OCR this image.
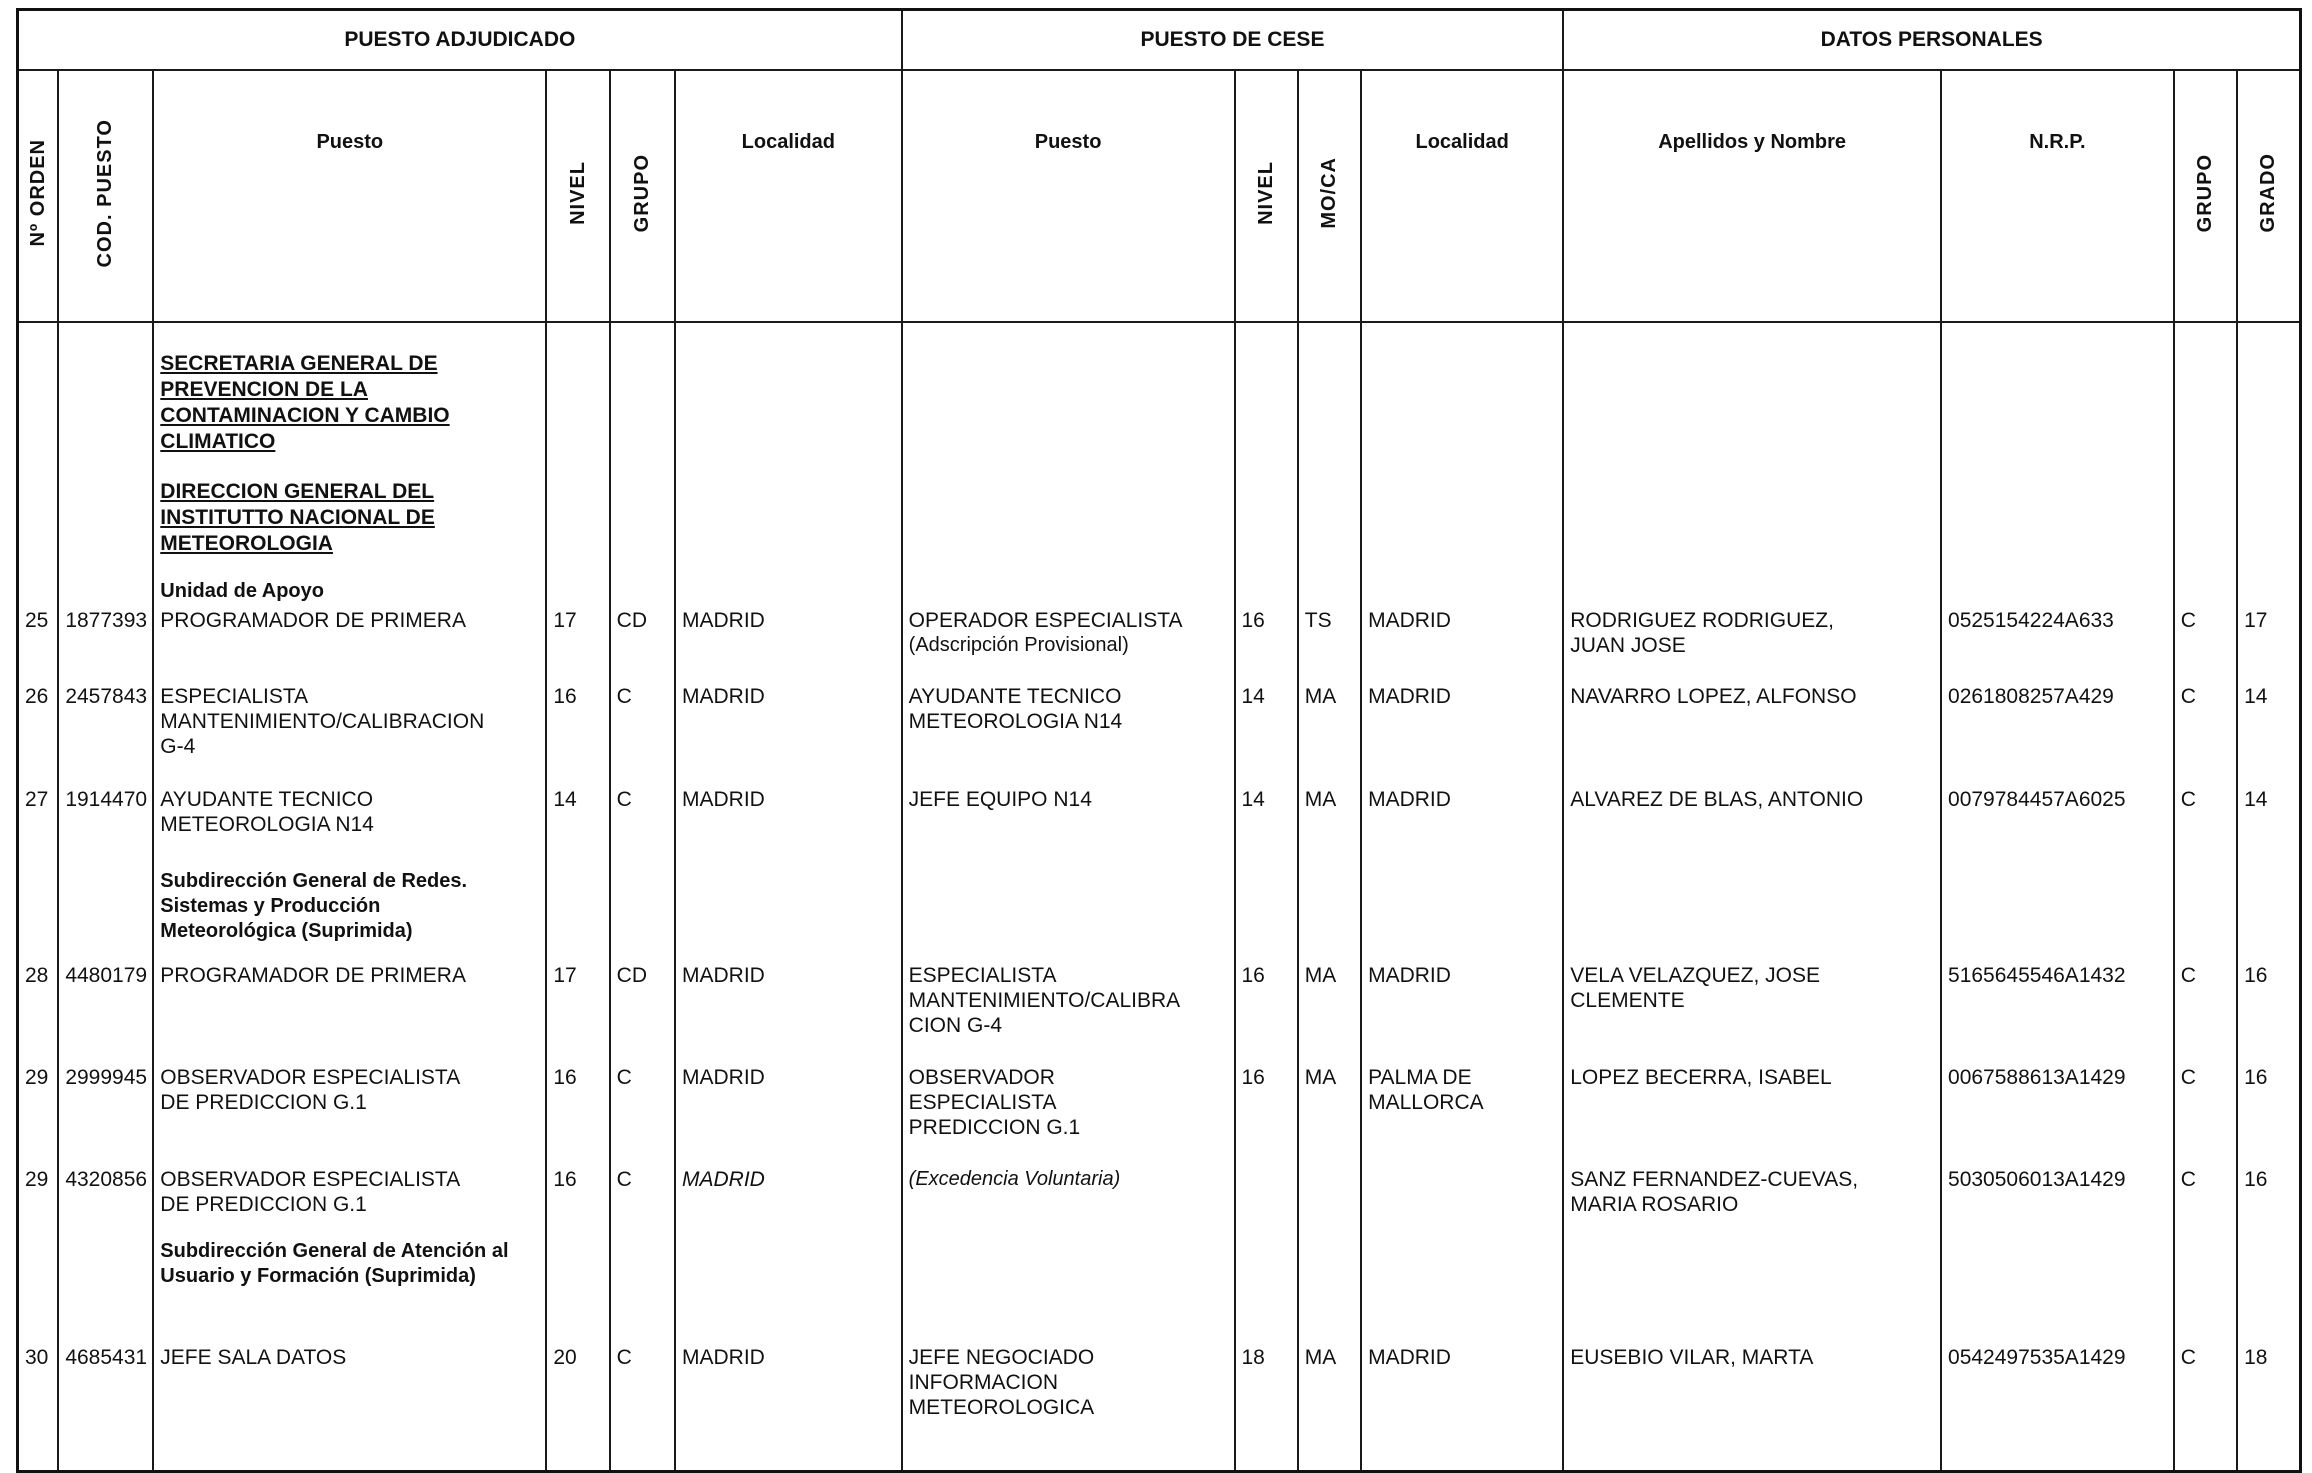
PUESTO ADJUDICADO						PUESTO DE CESE				DATOS PERSONALES			
Nº ORDEN	COD. PUESTO	Puesto	NIVEL	GRUPO	Localidad	Puesto	NIVEL	MO/CA	Localidad	Apellidos y Nombre	N.R.P.	GRUPO	GRADO

		SECRETARIA GENERAL DE PREVENCION DE LA CONTAMINACION Y CAMBIO CLIMATICO
DIRECCION GENERAL DEL INSTITUTTO NACIONAL DE METEOROLOGIA
Unidad de Apoyo											

25	1877393	PROGRAMADOR DE PRIMERA	17	CD	MADRID	OPERADOR ESPECIALISTA
(Adscripción Provisional)	16	TS	MADRID	RODRIGUEZ RODRIGUEZ, JUAN JOSE	0525154224A633	C	17

26	2457843	ESPECIALISTA MANTENIMIENTO/CALIBRACION G-4	16	C	MADRID	AYUDANTE TECNICO METEOROLOGIA N14	14	MA	MADRID	NAVARRO LOPEZ, ALFONSO	0261808257A429	C	14

27	1914470	AYUDANTE TECNICO METEOROLOGIA N14	14	C	MADRID	JEFE EQUIPO N14	14	MA	MADRID	ALVAREZ DE BLAS, ANTONIO	0079784457A6025	C	14

		Subdirección General de Redes. Sistemas y Producción Meteorológica (Suprimida)											

28	4480179	PROGRAMADOR DE PRIMERA	17	CD	MADRID	ESPECIALISTA MANTENIMIENTO/CALIBRA CION G-4	16	MA	MADRID	VELA VELAZQUEZ, JOSE CLEMENTE	5165645546A1432	C	16

29	2999945	OBSERVADOR ESPECIALISTA DE PREDICCION G.1	16	C	MADRID	OBSERVADOR ESPECIALISTA PREDICCION G.1	16	MA	PALMA DE MALLORCA	LOPEZ BECERRA, ISABEL	0067588613A1429	C	16

29	4320856	OBSERVADOR ESPECIALISTA DE PREDICCION G.1	16	C	MADRID	(Excedencia Voluntaria)				SANZ FERNANDEZ-CUEVAS, MARIA ROSARIO	5030506013A1429	C	16

		Subdirección General de Atención al Usuario y Formación (Suprimida)											

30	4685431	JEFE SALA DATOS	20	C	MADRID	JEFE NEGOCIADO INFORMACION METEOROLOGICA	18	MA	MADRID	EUSEBIO VILAR, MARTA	0542497535A1429	C	18
